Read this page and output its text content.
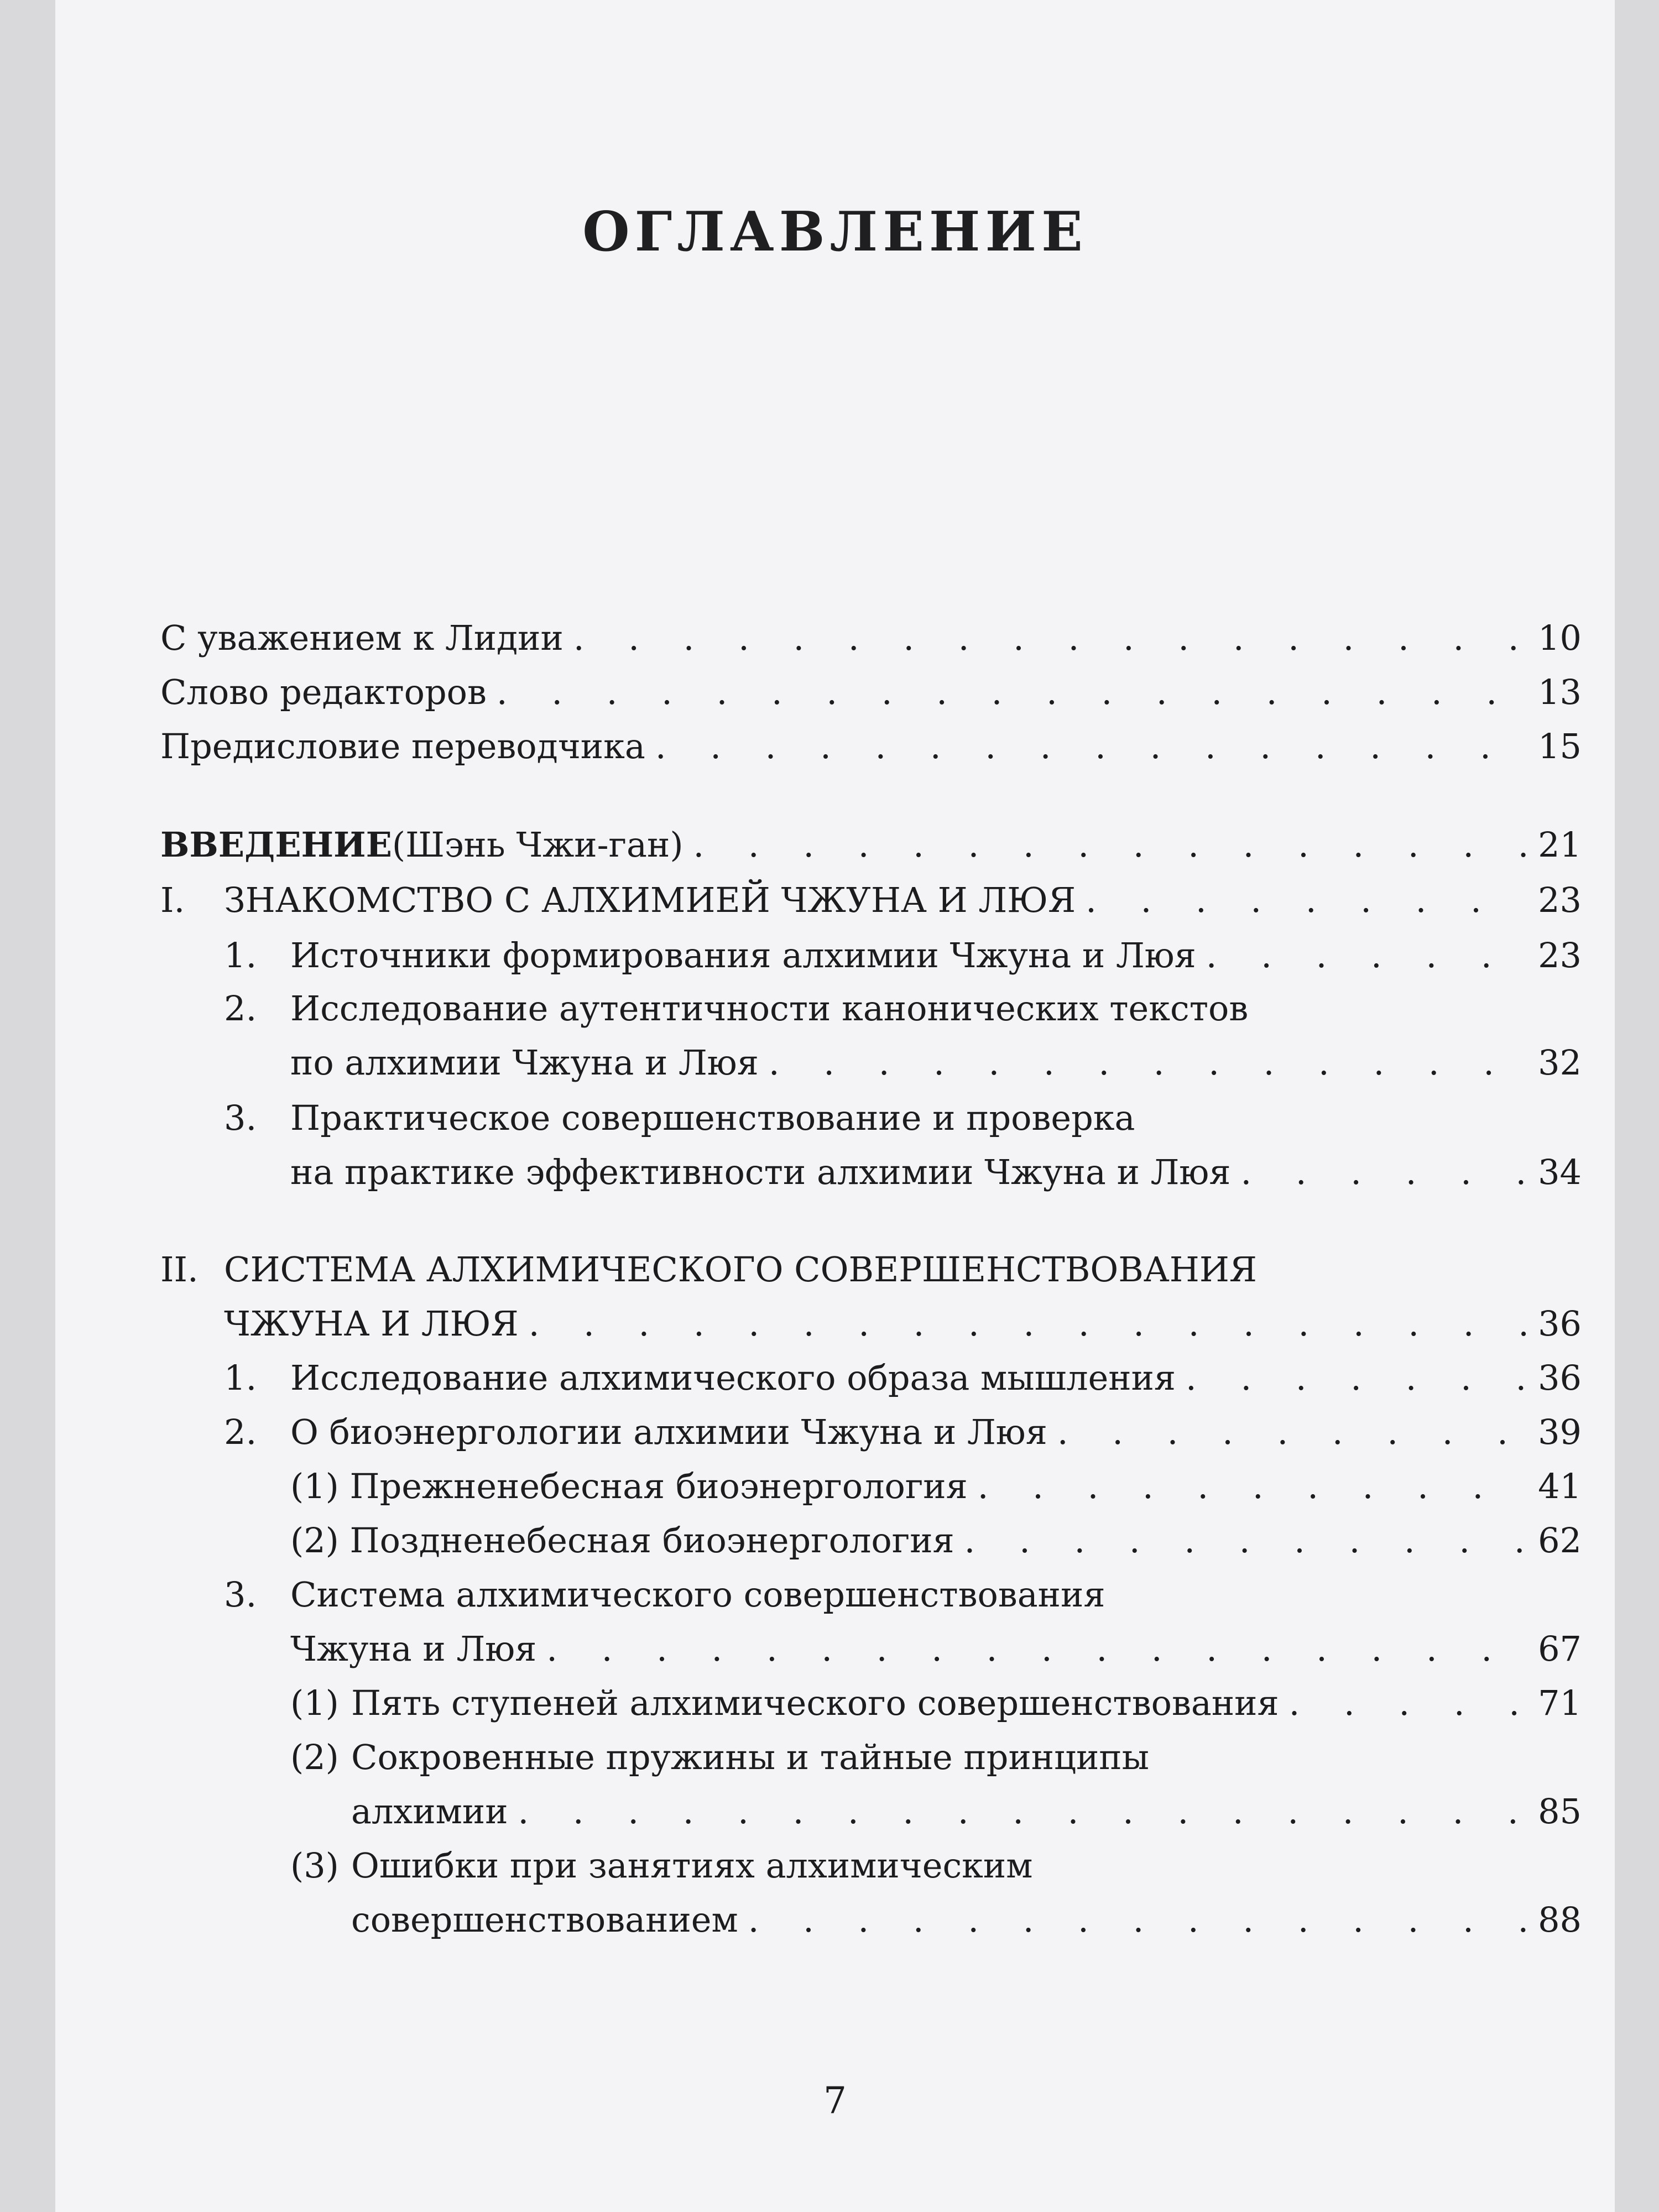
ОГЛАВЛЕНИЕ
С уважением к Лидии . . .	10
Слово редакторов . . .	13
Предисловие переводчика . . .	15
ВВЕДЕНИЕ (Шэнь Чжи-ган) . . .	21
I.	ЗНАКОМСТВО С АЛХИМИЕЙ ЧЖУНА И ЛЮЯ . . .	23
1. Источники формирования алхимии Чжуна и Люя . . .	23
2. Исследование аутентичности канонических текстов
по алхимии Чжуна и Люя . . .	32
3. Практическое совершенствование и проверка
на практике эффективности алхимии Чжуна и Люя . . .	34
II. СИСТЕМА АЛХИМИЧЕСКОГО СОВЕРШЕНСТВОВАНИЯ
ЧЖУНА И ЛЮЯ . . .	36
1. Исследование алхимического образа мышления . . .	36
2. О биоэнергологии алхимии Чжуна и Люя . . .	39
(1) Прежненебесная биоэнергология . . .	41
(2) Поздненебесная биоэнергология . . .	62
3. Система алхимического совершенствования
Чжуна и Люя . . .	67
(1) Пять ступеней алхимического совершенствования . . .	71
(2) Сокровенные пружины и тайные принципы
алхимии . . .	85
(3) Ошибки при занятиях алхимическим
совершенствованием . . .	88
7
